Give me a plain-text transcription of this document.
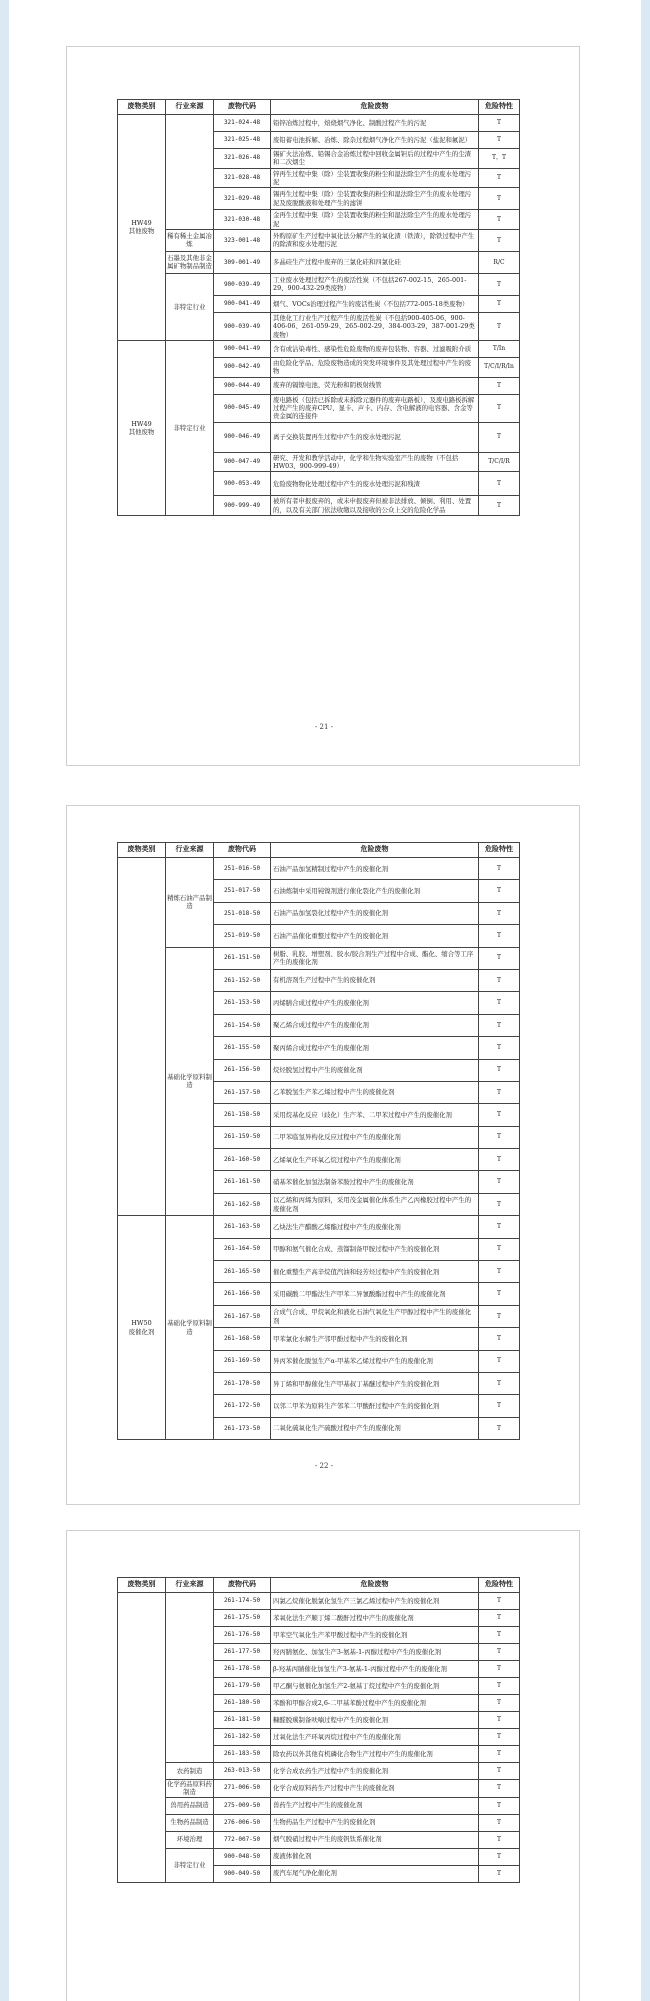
废物类别	行业来源	废物代码	危险废物	危险特性
HW49
其他废物		321-024-48	铅锌冶炼过程中，焙烧烟气净化、制酸过程产生的污泥	T
		321-025-48	废铅蓄电池拆解、冶炼、除杂过程烟气净化产生的污泥（盐泥和氟泥）	T
		321-026-48	锡矿火法冶炼、铅锡合金冶炼过程中回收金属钽后的过程中产生的尘渣和二次烟尘	T，T
		321-028-48	锌再生过程中集（除）尘装置收集的粉尘和湿法除尘产生的废水处理污泥	T
		321-029-48	锡再生过程中集（除）尘装置收集的粉尘和湿法除尘产生的废水处理污泥及废脱酸液和处理产生的滤饼	T
		321-030-48	金再生过程中集（除）尘装置收集的粉尘和湿法除尘产生的废水处理污泥	T
	稀有稀土金属冶炼	323-001-48	外购原矿生产过程中氧化法分解产生的氧化渣（铁渣），除铁过程中产生的除渣和废水处理污泥	T
	石墨及其他非金属矿物制品制造	309-001-49	多晶硅生产过程中废弃的三氯化硅和四氯化硅	R/C
	非特定行业	900-039-49	工业废水处理过程产生的废活性炭（不包括267-002-15、265-001-29、900-432-29类废物）	T
		900-041-49	烟气、VOCs治理过程产生的废活性炭（不包括772-005-18类废物）	T
		900-039-49	其他化工行业生产过程产生的废活性炭（不包括900-405-06、900-406-06、261-059-29、265-002-29、384-003-29、387-001-29类废物）	T
HW49
其他废物	非特定行业	900-041-49	含有或沾染毒性、感染性危险废物的废弃包装物、容器、过滤吸附介质	T/In
		900-042-49	由危险化学品、危险废物造成的突发环境事件及其处理过程中产生的废物	T/C/I/R/In
		900-044-49	废弃的镉镍电池、荧光粉和阴极射线管	T
		900-045-49	废电路板（包括已拆除或未拆除元器件的废弃电路板），及废电路板拆解过程产生的废弃CPU、显卡、声卡、内存、含电解液的电容器、含金等贵金属的连接件	T
		900-046-49	离子交换装置再生过程中产生的废水处理污泥	T
		900-047-49	研究、开发和教学活动中，化学和生物实验室产生的废物（不包括HW03、900-999-49）	T/C/I/R
		900-053-49	危险废物物化处理过程中产生的废水处理污泥和残渣	T
		900-999-49	被所有者申报废弃的，或未申报废弃但被非法排放、倾倒、利用、处置的，以及有关部门依法收缴以及接收的公众上交的危险化学品	T
- 21 -
废物类别	行业来源	废物代码	危险废物	危险特性
	精炼石油产品制造	251-016-50	石油产品加氢精制过程中产生的废催化剂	T
		251-017-50	石油炼制中采用钝镍剂进行催化裂化产生的废催化剂	T
		251-018-50	石油产品加氢裂化过程中产生的废催化剂	T
		251-019-50	石油产品催化重整过程中产生的废催化剂	T
	基础化学原料制造	261-151-50	树脂、乳胶、增塑剂、胶水/胶合剂生产过程中合成、酯化、缩合等工序产生的废催化剂	T
		261-152-50	有机溶剂生产过程中产生的废催化剂	T
		261-153-50	丙烯腈合成过程中产生的废催化剂	T
		261-154-50	聚乙烯合成过程中产生的废催化剂	T
		261-155-50	聚丙烯合成过程中产生的废催化剂	T
		261-156-50	烷烃脱氢过程中产生的废催化剂	T
		261-157-50	乙苯脱氢生产苯乙烯过程中产生的废催化剂	T
		261-158-50	采用烷基化反应（歧化）生产苯、二甲苯过程中产生的废催化剂	T
		261-159-50	二甲苯临氢异构化反应过程中产生的废催化剂	T
		261-160-50	乙烯氧化生产环氧乙烷过程中产生的废催化剂	T
		261-161-50	硝基苯催化加氢法制备苯胺过程中产生的废催化剂	T
		261-162-50	以乙烯和丙烯为原料，采用茂金属催化体系生产乙丙橡胶过程中产生的废催化剂	T
HW50
废催化剂	基础化学原料制造	261-163-50	乙炔法生产醋酸乙烯酯过程中产生的废催化剂	T
		261-164-50	甲醇和氨气催化合成、蒸馏制备甲胺过程中产生的废催化剂	T
		261-165-50	催化重整生产高辛烷值汽油和轻芳烃过程中产生的废催化剂	T
		261-166-50	采用碳酸二甲酯法生产甲苯二异氰酸酯过程中产生的废催化剂	T
		261-167-50	合成气合成、甲烷氧化和液化石油气氧化生产甲醇过程中产生的废催化剂	T
		261-168-50	甲苯氯化水解生产邻甲酚过程中产生的废催化剂	T
		261-169-50	异丙苯催化脱氢生产α-甲基苯乙烯过程中产生的废催化剂	T
		261-170-50	异丁烯和甲醇催化生产甲基叔丁基醚过程中产生的废催化剂	T
		261-172-50	以邻二甲苯为原料生产邻苯二甲酸酐过程中产生的废催化剂	T
		261-173-50	二氧化硫氧化生产硫酸过程中产生的废催化剂	T
- 22 -
废物类别	行业来源	废物代码	危险废物	危险特性
		261-174-50	四氯乙烷催化脱氯化氢生产三氯乙烯过程中产生的废催化剂	T
		261-175-50	苯氧化法生产顺丁烯二酸酐过程中产生的废催化剂	T
		261-176-50	甲苯空气氧化生产苯甲酸过程中产生的废催化剂	T
		261-177-50	羟丙腈氨化、加氢生产3-氨基-1-丙醇过程中产生的废催化剂	T
		261-178-50	β-羟基丙腈催化加氢生产3-氨基-1-丙醇过程中产生的废催化剂	T
		261-179-50	甲乙酮与氨催化加氢生产2-氨基丁烷过程中产生的废催化剂	T
		261-180-50	苯酚和甲醇合成2,6-二甲基苯酚过程中产生的废催化剂	T
		261-181-50	糠醛脱羰制备呋喃过程中产生的废催化剂	T
		261-182-50	过氧化法生产环氧丙烷过程中产生的废催化剂	T
		261-183-50	除农药以外其他有机磷化合物生产过程中产生的废催化剂	T
	农药制造	263-013-50	化学合成农药生产过程中产生的废催化剂	T
	化学药品原料药制造	271-006-50	化学合成原料药生产过程中产生的废催化剂	T
	兽用药品制造	275-009-50	兽药生产过程中产生的废催化剂	T
	生物药品制造	276-006-50	生物药品生产过程中产生的废催化剂	T
	环境治理	772-007-50	烟气脱硝过程中产生的废钒钛系催化剂	T
	非特定行业	900-048-50	废液体催化剂	T
		900-049-50	废汽车尾气净化催化剂	T
